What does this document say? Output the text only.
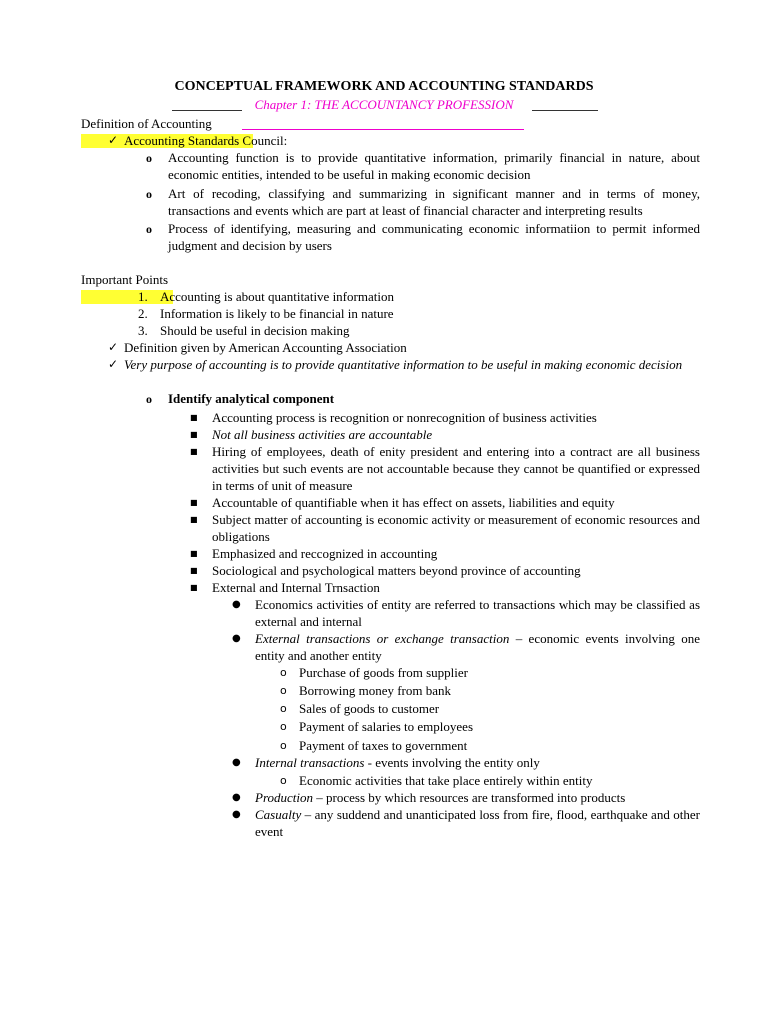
CONCEPTUAL FRAMEWORK AND ACCOUNTING STANDARDS
Chapter 1: THE ACCOUNTANCY PROFESSION
Definition of Accounting
✓ Accounting Standards Council:
o Accounting function is to provide quantitative information, primarily financial in nature, about economic entities, intended to be useful in making economic decision
o Art of recoding, classifying and summarizing in significant manner and in terms of money, transactions and events which are part at least of financial character and interpreting results
o Process of identifying, measuring and communicating economic informatiion to permit informed judgment and decision by users
Important Points
1. Accounting is about quantitative information
2. Information is likely to be financial in nature
3. Should be useful in decision making
✓ Definition given by American Accounting Association
✓ Very purpose of accounting is to provide quantitative information to be useful in making economic decision
o Identify analytical component
■ Accounting process is recognition or nonrecognition of business activities
■ Not all business activities are accountable
■ Hiring of employees, death of enity president and entering into a contract are all business activities but such events are not accountable because they cannot be quantified or expressed in terms of unit of measure
■ Accountable of quantifiable when it has effect on assets, liabilities and equity
■ Subject matter of accounting is economic activity or measurement of economic resources and obligations
■ Emphasized and reccognized in accounting
■ Sociological and psychological matters beyond province of accounting
■ External and Internal Trnsaction
● Economics activities of entity are referred to transactions which may be classified as external and internal
● External transactions or exchange transaction – economic events involving one entity and another entity
o Purchase of goods from supplier
o Borrowing money from bank
o Sales of goods to customer
o Payment of salaries to employees
o Payment of taxes to government
● Internal transactions - events involving the entity only
o Economic activities that take place entirely within entity
● Production – process by which resources are transformed into products
● Casualty – any suddend and unanticipated loss from fire, flood, earthquake and other event
